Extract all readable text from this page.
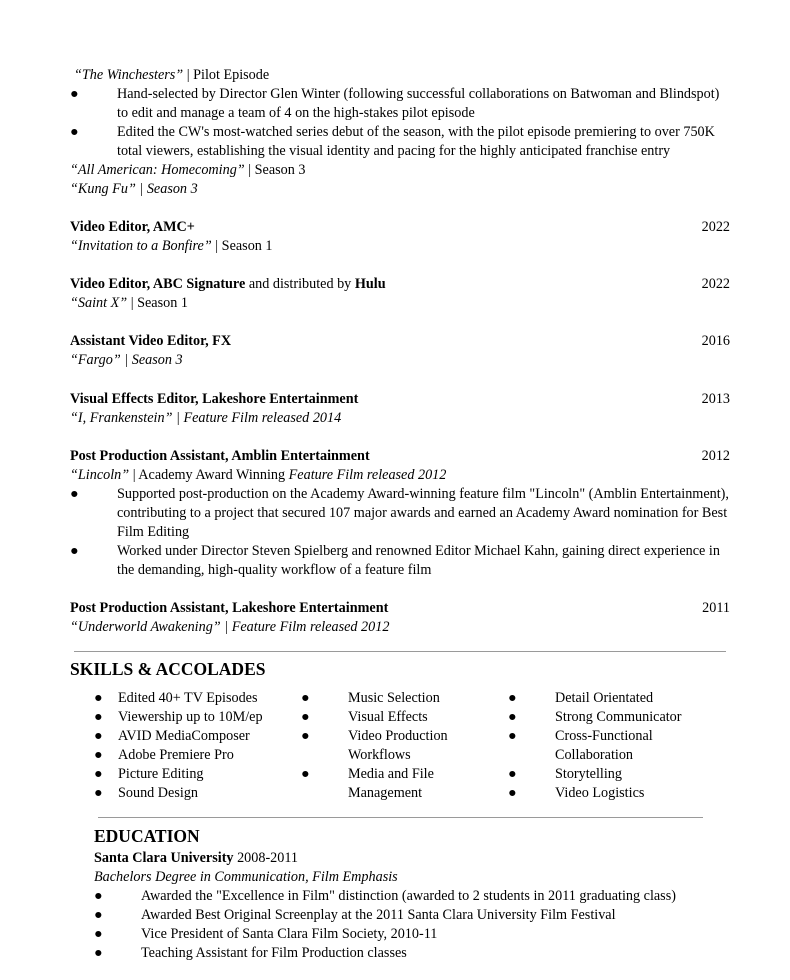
“The Winchesters” | Pilot Episode
●	Hand-selected by Director Glen Winter (following successful collaborations on Batwoman and Blindspot) to edit and manage a team of 4 on the high-stakes pilot episode
●	Edited the CW's most-watched series debut of the season, with the pilot episode premiering to over 750K total viewers, establishing the visual identity and pacing for the highly anticipated franchise entry
“All American: Homecoming” | Season 3
“Kung Fu” | Season 3
Video Editor, AMC+	2022
“Invitation to a Bonfire” | Season 1
Video Editor, ABC Signature and distributed by Hulu	2022
“Saint X” | Season 1
Assistant Video Editor, FX	2016
“Fargo” | Season 3
Visual Effects Editor, Lakeshore Entertainment	2013
“I, Frankenstein” | Feature Film released 2014
Post Production Assistant, Amblin Entertainment	2012
“Lincoln” | Academy Award Winning Feature Film released 2012
●	Supported post-production on the Academy Award-winning feature film "Lincoln" (Amblin Entertainment), contributing to a project that secured 107 major awards and earned an Academy Award nomination for Best Film Editing
●	Worked under Director Steven Spielberg and renowned Editor Michael Kahn, gaining direct experience in the demanding, high-quality workflow of a feature film
Post Production Assistant, Lakeshore Entertainment	2011
“Underworld Awakening” | Feature Film released 2012
SKILLS & ACCOLADES
● Edited 40+ TV Episodes
● Viewership up to 10M/ep
● AVID MediaComposer
● Adobe Premiere Pro
● Picture Editing
● Sound Design
●	Music Selection
●	Visual Effects
●	Video Production
Workflows
●	Media and File
Management
●	Detail Orientated
●	Strong Communicator
●	Cross-Functional
Collaboration
●	Storytelling
●	Video Logistics
EDUCATION
Santa Clara University 2008-2011
Bachelors Degree in Communication, Film Emphasis
●	Awarded the "Excellence in Film" distinction (awarded to 2 students in 2011 graduating class)
●	Awarded Best Original Screenplay at the 2011 Santa Clara University Film Festival
●	Vice President of Santa Clara Film Society, 2010-11
●	Teaching Assistant for Film Production classes
